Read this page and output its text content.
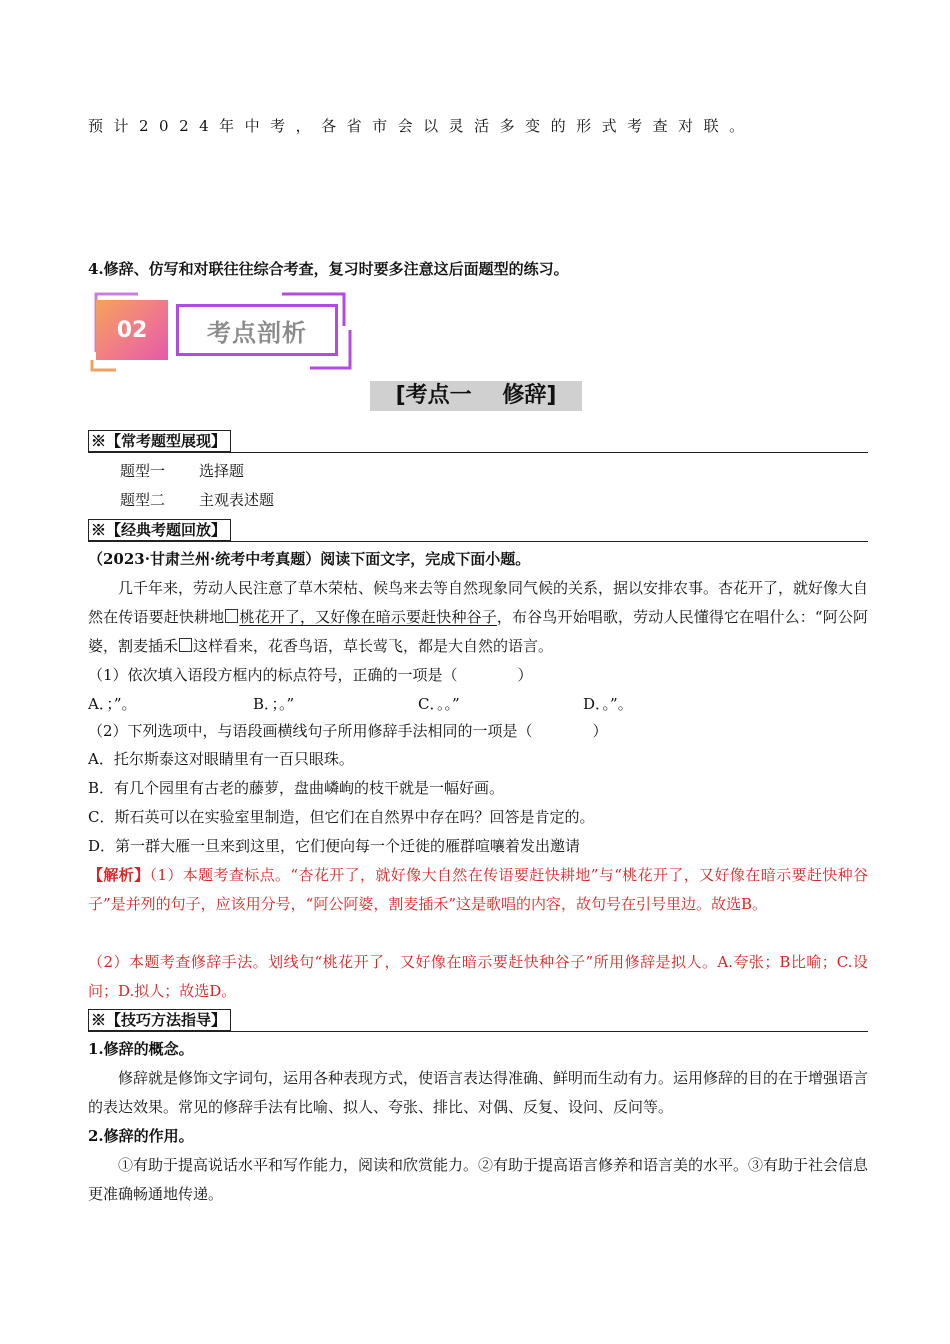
预计2024年中考，各省市会以灵活多变的形式考查对联。
4.修辞、仿写和对联往往综合考查，复习时要多注意这后面题型的练习。
02	考点剖析
[考点一    修辞]
※【常考题型展现】
题型一 选择题
题型二 主观表述题
※【经典考题回放】
（2023·甘肃兰州·统考中考真题）阅读下面文字，完成下面小题。
几千年来，劳动人民注意了草木荣枯、候鸟来去等自然现象同气候的关系，据以安排农事。杏花开了，就好像大自然在传语要赶快耕地 桃花开了，又好像在暗示要赶快种谷子，布谷鸟开始唱歌，劳动人民懂得它在唱什么：“阿公阿婆，割麦插禾 这样看来，花香鸟语，草长莺飞，都是大自然的语言。
（1）依次填入语段方框内的标点符号，正确的一项是（　　　　）
A．；”。	B．；。”	C．。。”	D．。”。
（2）下列选项中，与语段画横线句子所用修辞手法相同的一项是（　　　　）
A．托尔斯泰这对眼睛里有一百只眼珠。
B．有几个园里有古老的藤萝，盘曲嶙峋的枝干就是一幅好画。
C．斯石英可以在实验室里制造，但它们在自然界中存在吗？回答是肯定的。
D．第一群大雁一旦来到这里，它们便向每一个迁徙的雁群喧嚷着发出邀请
【解析】（1）本题考查标点。“杏花开了，就好像大自然在传语要赶快耕地”与“桃花开了，又好像在暗示要赶快种谷子”是并列的句子，应该用分号，“阿公阿婆，割麦插禾”这是歌唱的内容，故句号在引号里边。故选B。
（2）本题考查修辞手法。划线句“桃花开了，又好像在暗示要赶快种谷子”所用修辞是拟人。A.夸张；B比喻；C.设问；D.拟人；故选D。
※【技巧方法指导】
1.修辞的概念。
修辞就是修饰文字词句，运用各种表现方式，使语言表达得准确、鲜明而生动有力。运用修辞的目的在于增强语言的表达效果。常见的修辞手法有比喻、拟人、夸张、排比、对偶、反复、设问、反问等。
2.修辞的作用。
①有助于提高说话水平和写作能力，阅读和欣赏能力。②有助于提高语言修养和语言美的水平。③有助于社会信息更准确畅通地传递。
